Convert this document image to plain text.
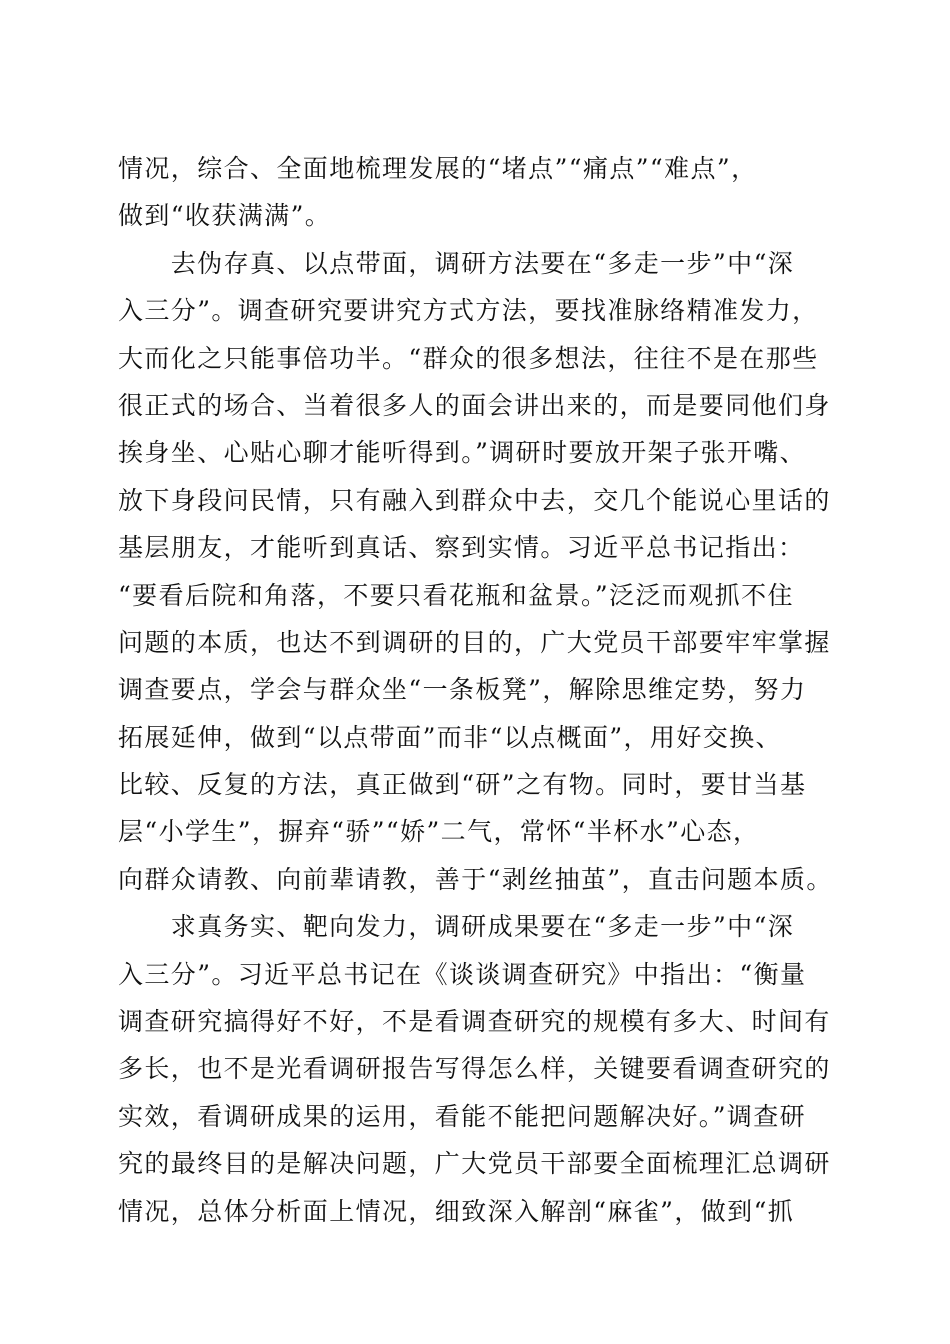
情况，综合、全面地梳理发展的“堵点”“痛点”“难点”，
做到“收获满满”。
　　去伪存真、以点带面，调研方法要在“多走一步”中“深
入三分”。调查研究要讲究方式方法，要找准脉络精准发力，
大而化之只能事倍功半。“群众的很多想法，往往不是在那些
很正式的场合、当着很多人的面会讲出来的，而是要同他们身
挨身坐、心贴心聊才能听得到。”调研时要放开架子张开嘴、
放下身段问民情，只有融入到群众中去，交几个能说心里话的
基层朋友，才能听到真话、察到实情。习近平总书记指出：
“要看后院和角落，不要只看花瓶和盆景。”泛泛而观抓不住
问题的本质，也达不到调研的目的，广大党员干部要牢牢掌握
调查要点，学会与群众坐“一条板凳”，解除思维定势，努力
拓展延伸，做到“以点带面”而非“以点概面”，用好交换、
比较、反复的方法，真正做到“研”之有物。同时，要甘当基
层“小学生”，摒弃“骄”“娇”二气，常怀“半杯水”心态，
向群众请教、向前辈请教，善于“剥丝抽茧”，直击问题本质。
　　求真务实、靶向发力，调研成果要在“多走一步”中“深
入三分”。习近平总书记在《谈谈调查研究》中指出：“衡量
调查研究搞得好不好，不是看调查研究的规模有多大、时间有
多长，也不是光看调研报告写得怎么样，关键要看调查研究的
实效，看调研成果的运用，看能不能把问题解决好。”调查研
究的最终目的是解决问题，广大党员干部要全面梳理汇总调研
情况，总体分析面上情况，细致深入解剖“麻雀”，做到“抓
